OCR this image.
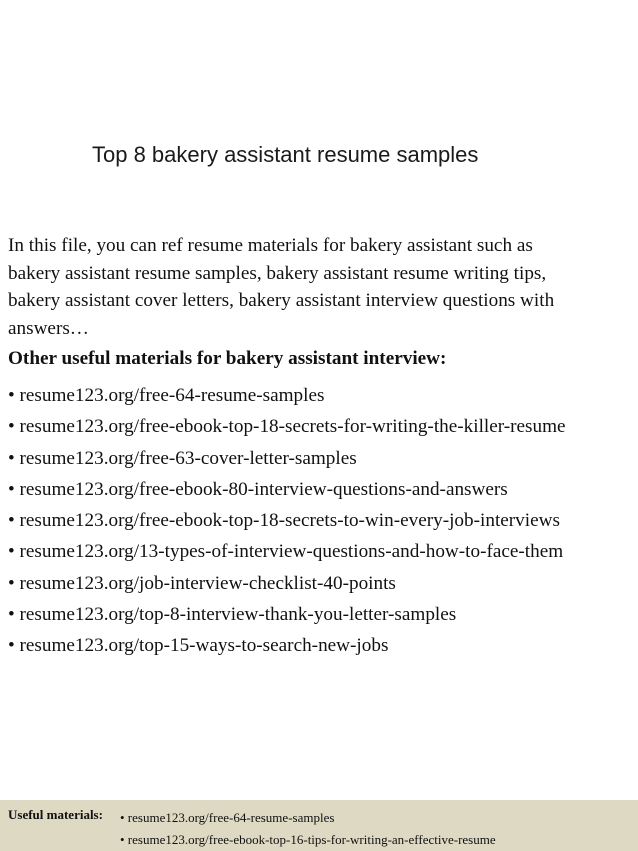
Top 8 bakery assistant resume samples
In this file, you can ref resume materials for bakery assistant such as
bakery assistant resume samples, bakery assistant resume writing tips,
bakery assistant cover letters, bakery assistant interview questions with
answers…
Other useful materials for bakery assistant interview:
• resume123.org/free-64-resume-samples
• resume123.org/free-ebook-top-18-secrets-for-writing-the-killer-resume
• resume123.org/free-63-cover-letter-samples
• resume123.org/free-ebook-80-interview-questions-and-answers
• resume123.org/free-ebook-top-18-secrets-to-win-every-job-interviews
• resume123.org/13-types-of-interview-questions-and-how-to-face-them
• resume123.org/job-interview-checklist-40-points
• resume123.org/top-8-interview-thank-you-letter-samples
• resume123.org/top-15-ways-to-search-new-jobs
Useful materials: • resume123.org/free-64-resume-samples
• resume123.org/free-ebook-top-16-tips-for-writing-an-effective-resume
